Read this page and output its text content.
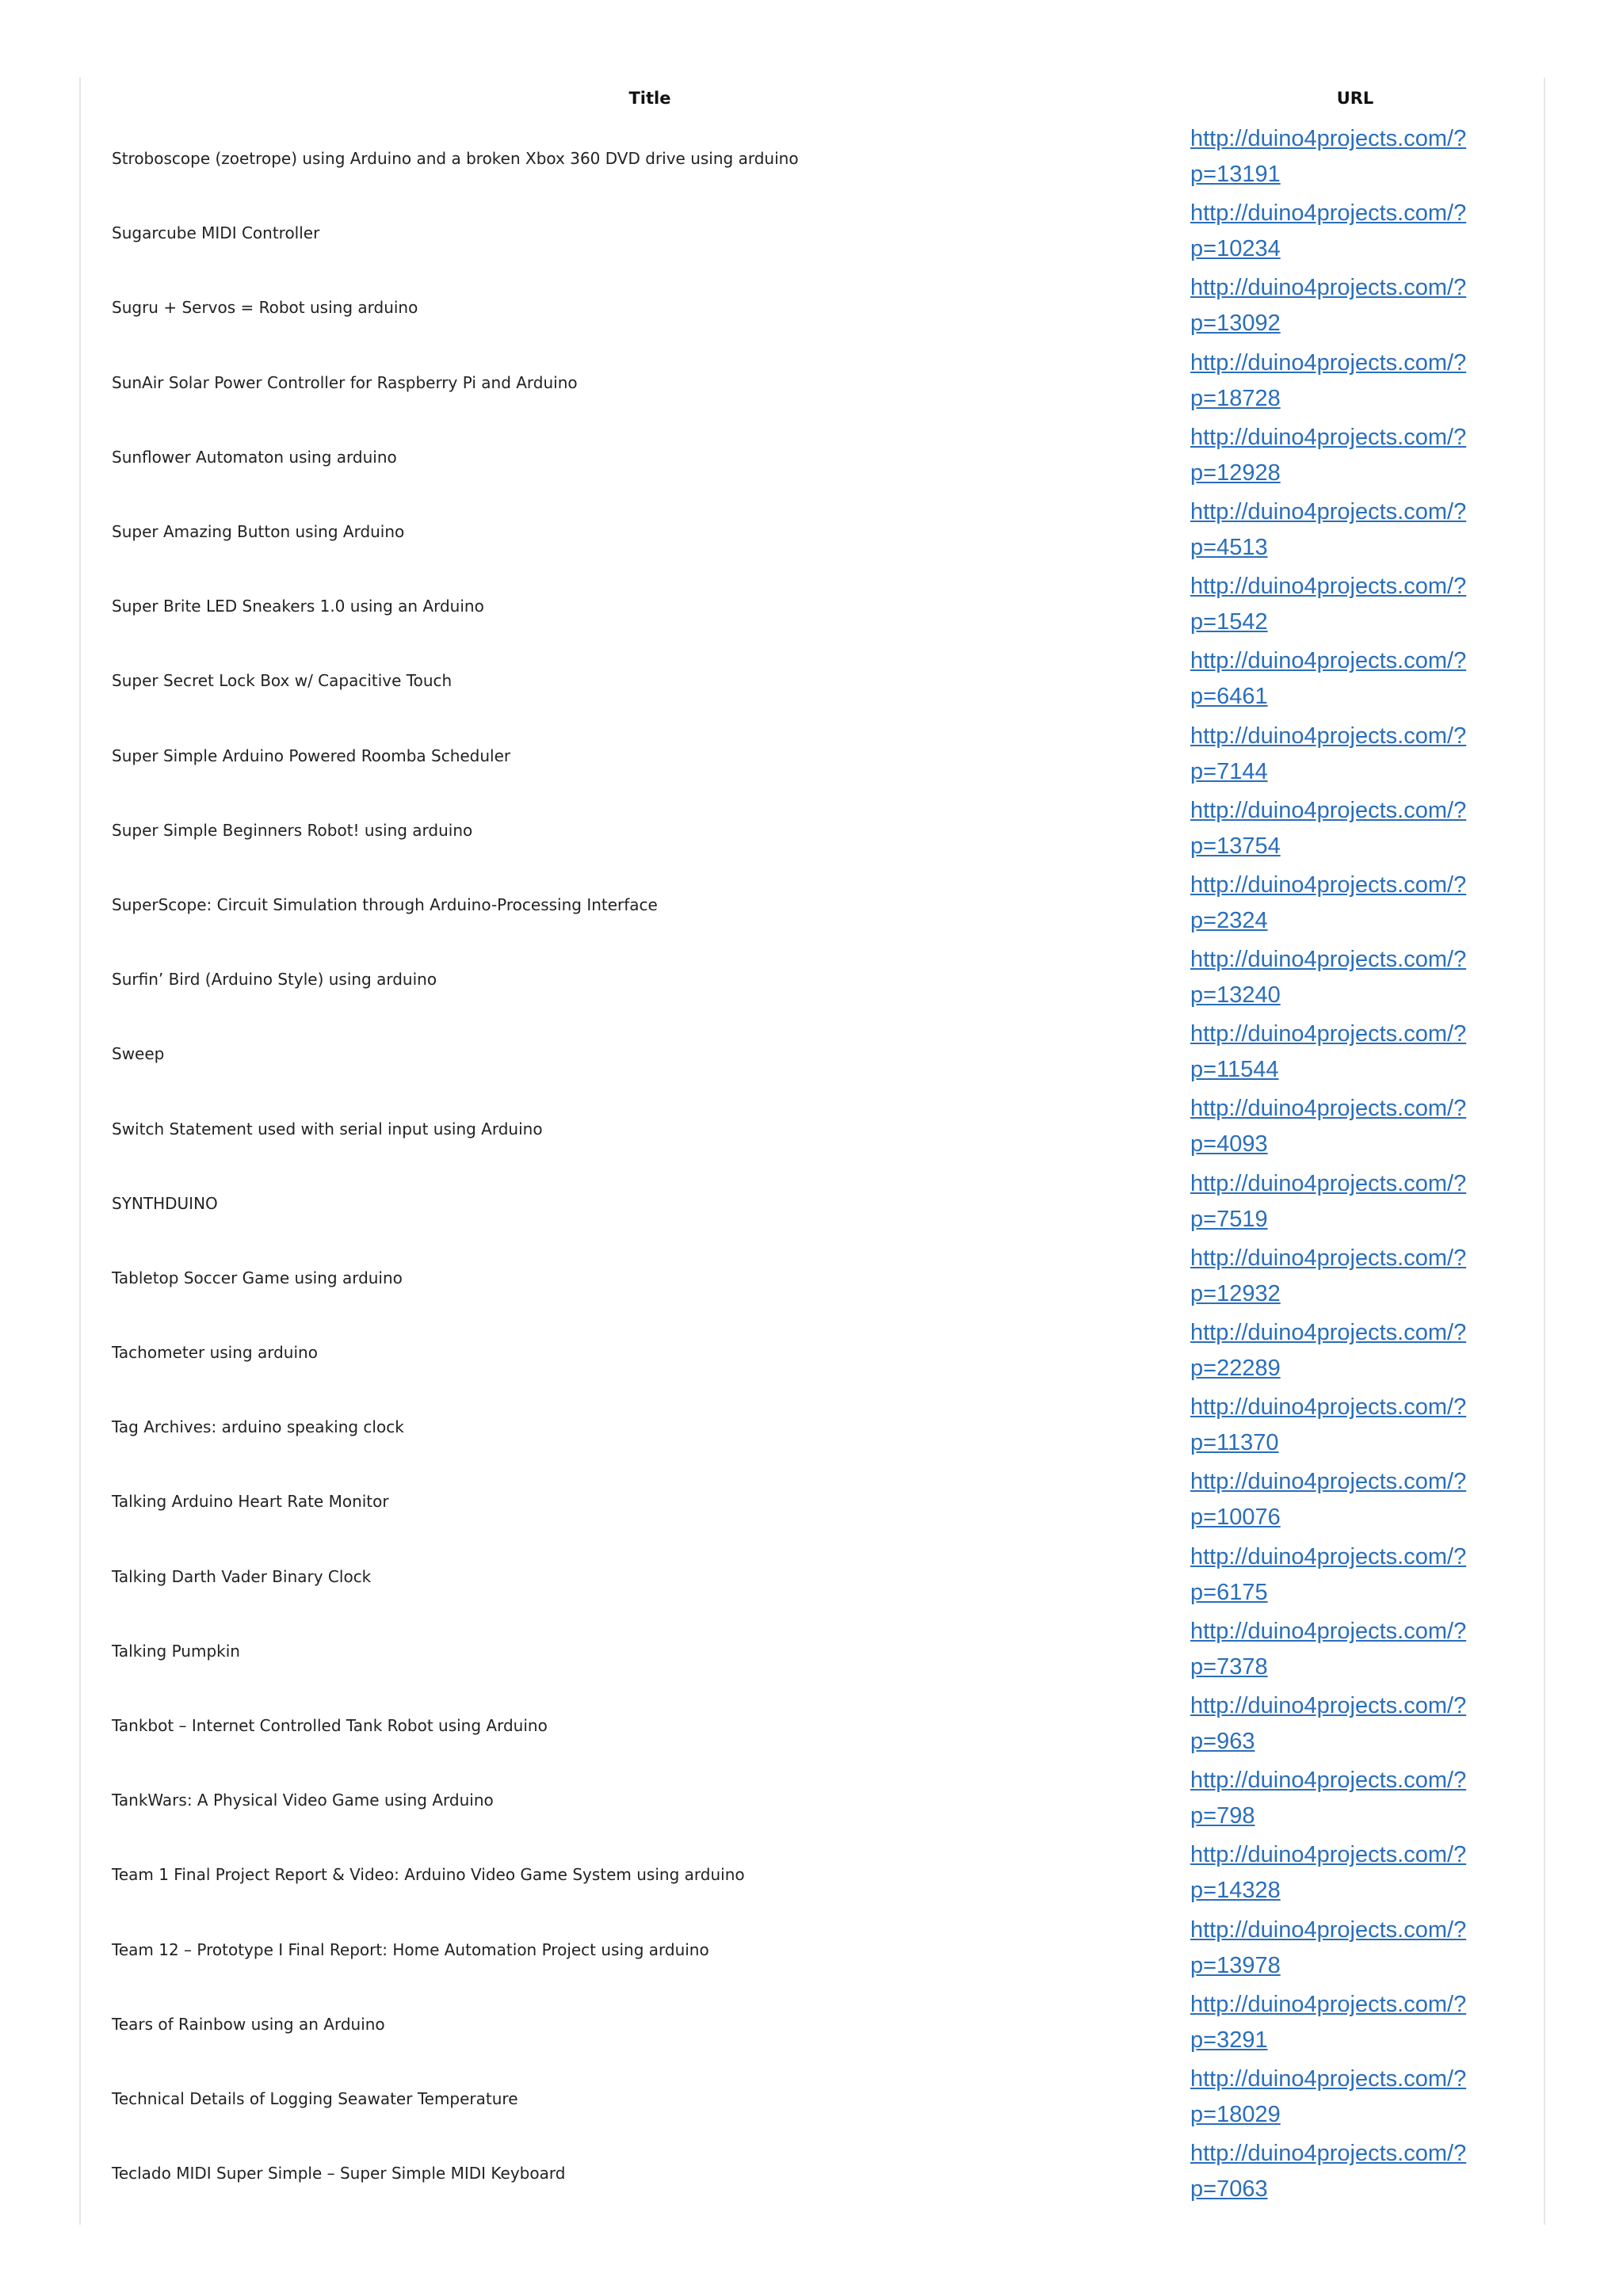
Title	URL
Stroboscope (zoetrope) using Arduino and a broken Xbox 360 DVD drive using arduino
http://duino4projects.com/?
p=13191
Sugarcube MIDI Controller
http://duino4projects.com/?
p=10234
Sugru + Servos = Robot using arduino
http://duino4projects.com/?
p=13092
SunAir Solar Power Controller for Raspberry Pi and Arduino
http://duino4projects.com/?
p=18728
Sunflower Automaton using arduino
http://duino4projects.com/?
p=12928
Super Amazing Button using Arduino
http://duino4projects.com/?
p=4513
Super Brite LED Sneakers 1.0 using an Arduino
http://duino4projects.com/?
p=1542
Super Secret Lock Box w/ Capacitive Touch
http://duino4projects.com/?
p=6461
Super Simple Arduino Powered Roomba Scheduler
http://duino4projects.com/?
p=7144
Super Simple Beginners Robot! using arduino
http://duino4projects.com/?
p=13754
SuperScope: Circuit Simulation through Arduino-Processing Interface
http://duino4projects.com/?
p=2324
Surfin’ Bird (Arduino Style) using arduino
http://duino4projects.com/?
p=13240
Sweep
http://duino4projects.com/?
p=11544
Switch Statement used with serial input using Arduino
http://duino4projects.com/?
p=4093
SYNTHDUINO
http://duino4projects.com/?
p=7519
Tabletop Soccer Game using arduino
http://duino4projects.com/?
p=12932
Tachometer using arduino
http://duino4projects.com/?
p=22289
Tag Archives: arduino speaking clock
http://duino4projects.com/?
p=11370
Talking Arduino Heart Rate Monitor
http://duino4projects.com/?
p=10076
Talking Darth Vader Binary Clock
http://duino4projects.com/?
p=6175
Talking Pumpkin
http://duino4projects.com/?
p=7378
Tankbot – Internet Controlled Tank Robot using Arduino
http://duino4projects.com/?
p=963
TankWars: A Physical Video Game using Arduino
http://duino4projects.com/?
p=798
Team 1 Final Project Report & Video: Arduino Video Game System using arduino
http://duino4projects.com/?
p=14328
Team 12 – Prototype I Final Report: Home Automation Project using arduino
http://duino4projects.com/?
p=13978
Tears of Rainbow using an Arduino
http://duino4projects.com/?
p=3291
Technical Details of Logging Seawater Temperature
http://duino4projects.com/?
p=18029
Teclado MIDI Super Simple – Super Simple MIDI Keyboard
http://duino4projects.com/?
p=7063
